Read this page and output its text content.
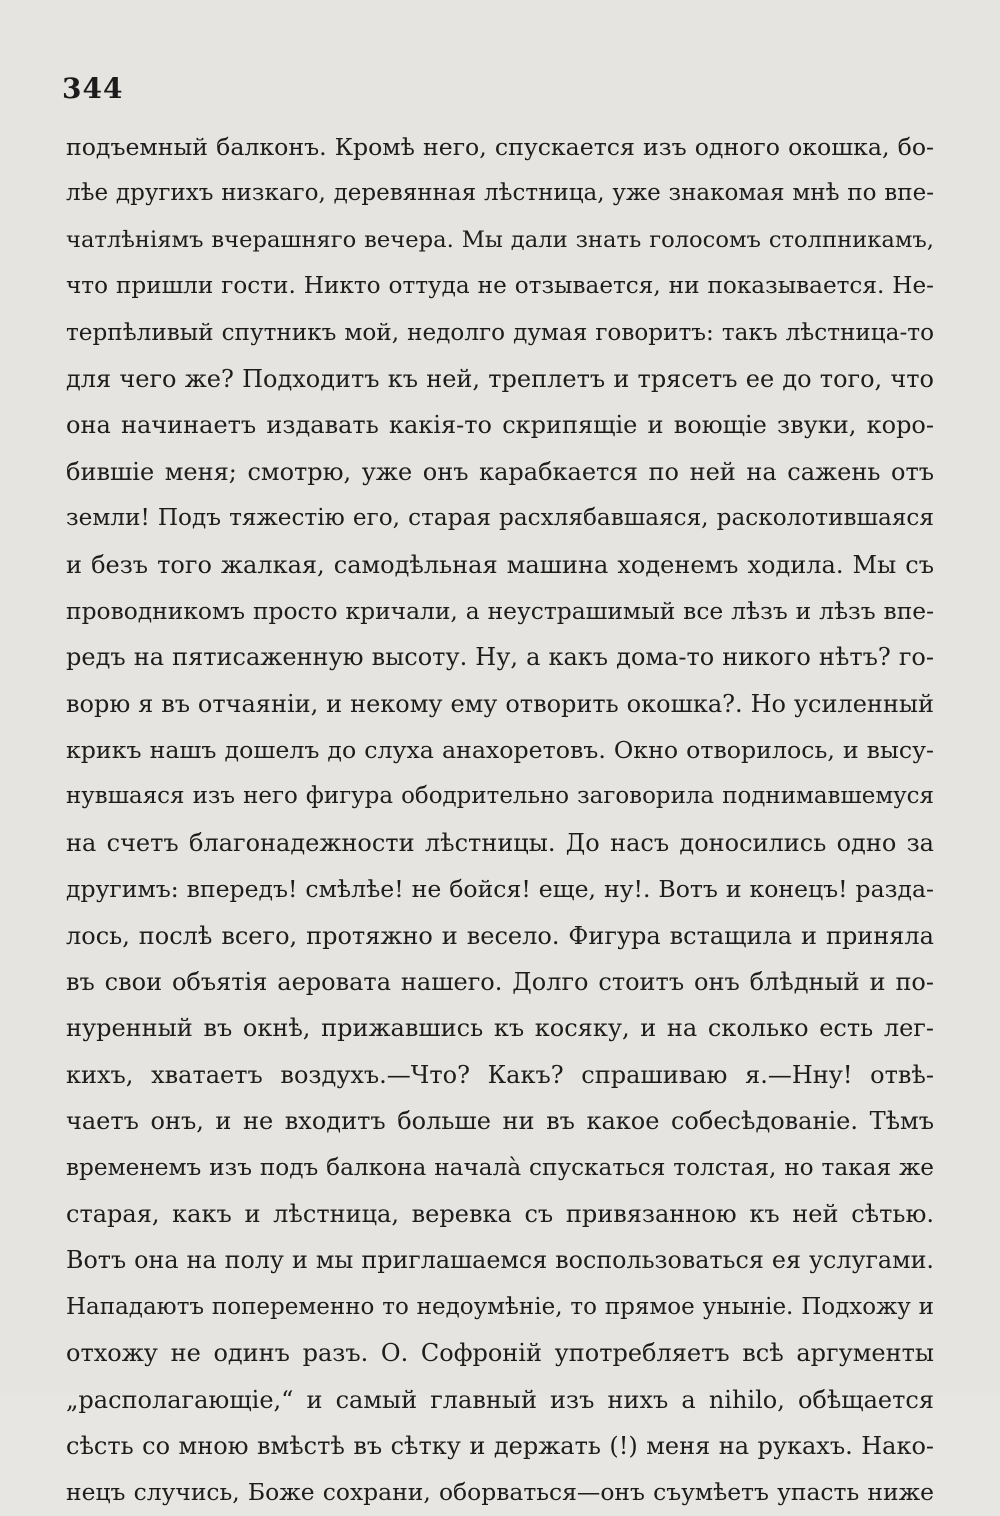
344
подъемный балконъ. Кромѣ него, спускается изъ одного окошка, бо-
лѣе другихъ низкаго, деревянная лѣстница, уже знакомая мнѣ по впе-
чатлѣніямъ вчерашняго вечера. Мы дали знать голосомъ столпникамъ,
что пришли гости. Никто оттуда не отзывается, ни показывается. Не-
терпѣливый спутникъ мой, недолго думая говоритъ: такъ лѣстница-то
для чего же? Подходитъ къ ней, треплетъ и трясетъ ее до того, что
она начинаетъ издавать какія-то скрипящіе и воющіе звуки, коро-
бившіе меня; смотрю, уже онъ карабкается по ней на сажень отъ
земли! Подъ тяжестію его, старая расхлябавшаяся, расколотившаяся
и безъ того жалкая, самодѣльная машина ходенемъ ходила. Мы съ
проводникомъ просто кричали, а неустрашимый все лѣзъ и лѣзъ впе-
редъ на пятисаженную высоту. Ну, а какъ дома-то никого нѣтъ? го-
ворю я въ отчаяніи, и некому ему отворить окошка?. Но усиленный
крикъ нашъ дошелъ до слуха анахоретовъ. Окно отворилось, и высу-
нувшаяся изъ него фигура ободрительно заговорила поднимавшемуся
на счетъ благонадежности лѣстницы. До насъ доносились одно за
другимъ: впередъ! смѣлѣе! не бойся! еще, ну!. Вотъ и конецъ! разда-
лось, послѣ всего, протяжно и весело. Фигура встащила и приняла
въ свои объятія аеровата нашего. Долго стоитъ онъ блѣдный и по-
нуренный въ окнѣ, прижавшись къ косяку, и на сколько есть лег-
кихъ, хватаетъ воздухъ.—Что? Какъ? спрашиваю я.—Нну! отвѣ-
чаетъ онъ, и не входитъ больше ни въ какое собесѣдованіе. Тѣмъ
временемъ изъ подъ балкона началà спускаться толстая, но такая же
старая, какъ и лѣстница, веревка съ привязанною къ ней сѣтью.
Вотъ она на полу и мы приглашаемся воспользоваться ея услугами.
Нападаютъ попеременно то недоумѣніе, то прямое уныніе. Подхожу и
отхожу не одинъ разъ. О. Софроній употребляетъ всѣ аргументы
„располагающіе,“ и самый главный изъ нихъ а nihilo, обѣщается
сѣсть со мною вмѣстѣ въ сѣтку и держать (!) меня на рукахъ. Нако-
нецъ случись, Боже сохрани, оборваться—онъ съумѣетъ упасть ниже
